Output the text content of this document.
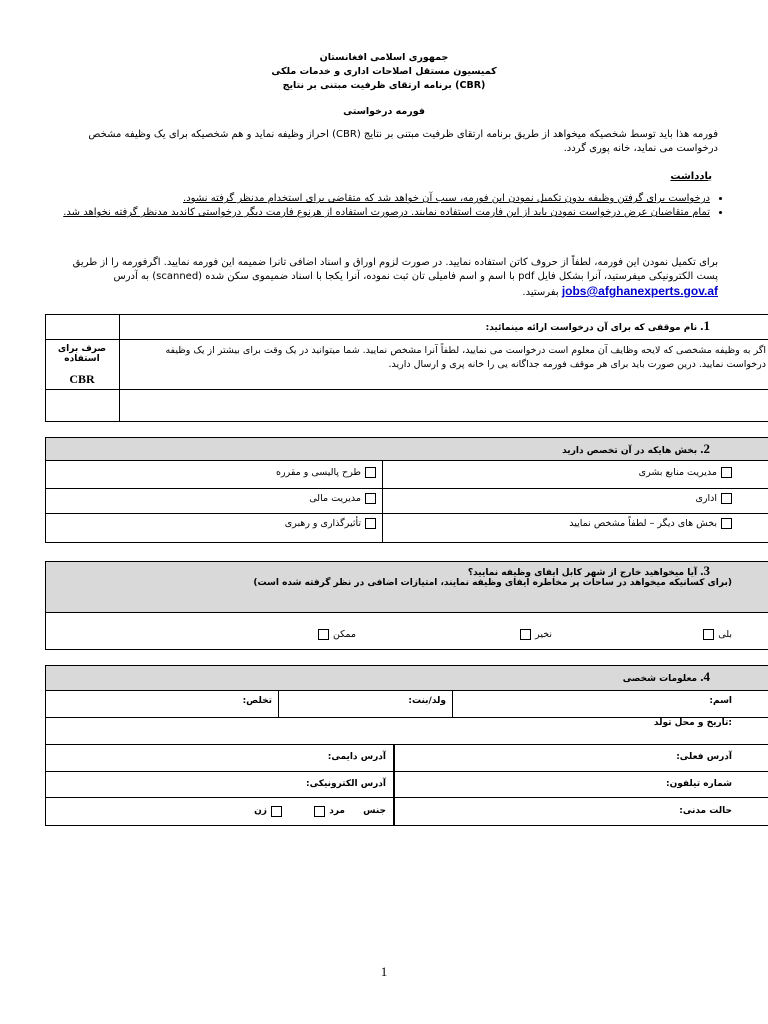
جمهوری اسلامی افغانستان
کمیسیون مستقل اصلاحات اداری و خدمات ملکی
برنامه ارتقای ظرفیت مبتنی بر نتایج (CBR)
فورمه درخواستی
فورمه هذا باید توسط شخصیکه میخواهد از طریق برنامه ارتقای ظرفیت مبتنی بر نتایج (CBR) احراز وظیفه نماید و هم شخصیکه برای یک وظیفه مشخص درخواست می نماید، خانه پوری گردد.
یادداشت
• درخواست برای گرفتن وظیفه بدون تکمیل نمودن این فورمه، سبب آن خواهد شد که متقاضی برای استخدام مدنظر گرفته نشود.
• تمام متقاضیان عرض درخواست نمودن باید از این فارمت استفاده نمایند. درصورت استفاده از هرنوع فارمت دیگر درخواستی کاندید مدنظر گرفته نخواهد شد.
برای تکمیل نمودن این فورمه، لطفاً از حروف کاتن استفاده نمایید. در صورت لزوم اوراق و اسناد اضافی تانرا ضمیمه این فورمه نمایید. اگرفورمه را از طریق پست الکترونیکی میفرستید، آنرا بشکل فایل pdf با اسم و اسم فامیلی تان ثبت نموده، آنرا یکجا با اسناد ضمیموی سکن شده (scanned) به آدرس jobs@afghanexperts.gov.af بفرستید.
1. نام موقفی که برای آن درخواست ارائه مینمائید:
صرف برای استفاده
CBR
اگر به وظیفه مشخصی که لایحه وظایف آن معلوم است درخواست می نمایید، لطفاً آنرا مشخص نمایید. شما میتوانید در یک وقت برای بیشتر از یک وظیفه درخواست نمایید. درین صورت باید برای هر موقف فورمه جداگانه یی را خانه پری و ارسال دارید.
2. بخش هایکه در آن تخصص دارید
مدیریت منابع بشری
اداری
بخش های دیگر – لطفاً مشخص نمایید
طرح پالیسی و مقرره
مدیریت مالی
تأثیرگذاری و رهبری
3. آیا میخواهید خارج از شهر کابل ایفای وظیفه نمایید؟
(برای کسانیکه میخواهد در ساحات پر مخاطره ایفای وظیفه نمایند، امتیازات اضافی در نظر گرفته شده است)
بلی
نخیر
ممکن
4. معلومات شخصی
اسم:
ولد/بنت:
تخلص:
:تاریخ و محل تولد
آدرس فعلی:
آدرس دایمی:
شماره تیلفون:
آدرس الکترونیکی:
حالت مدنی:
جنس
مرد
زن
1
